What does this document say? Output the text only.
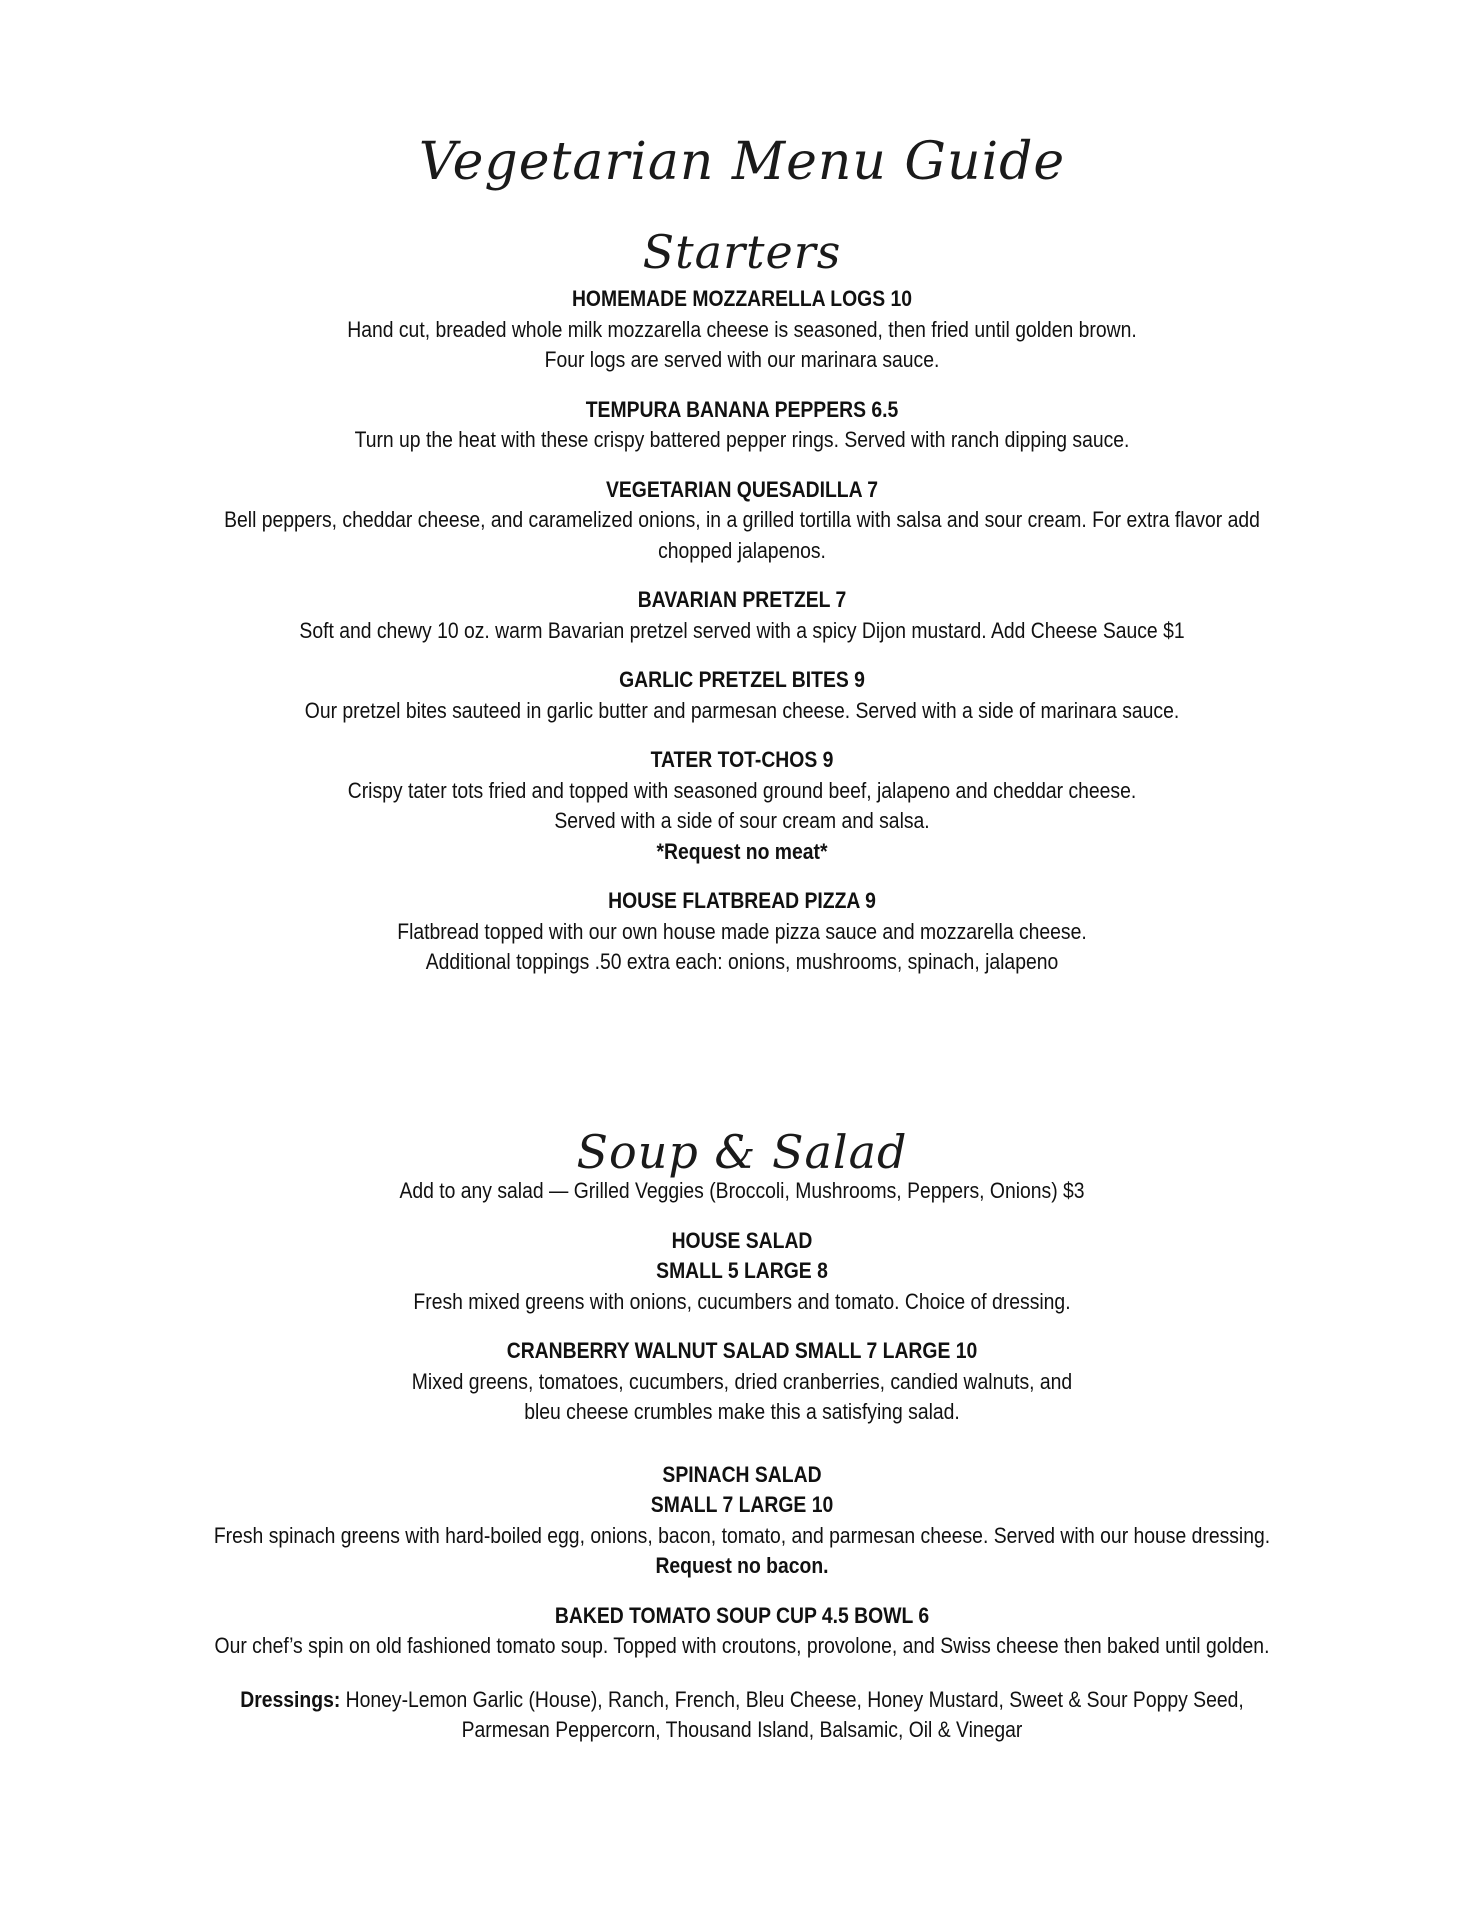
Vegetarian Menu Guide
Starters
HOMEMADE MOZZARELLA LOGS 10
Hand cut, breaded whole milk mozzarella cheese is seasoned, then fried until golden brown.
Four logs are served with our marinara sauce.
TEMPURA BANANA PEPPERS 6.5
Turn up the heat with these crispy battered pepper rings. Served with ranch dipping sauce.
VEGETARIAN QUESADILLA 7
Bell peppers, cheddar cheese, and caramelized onions, in a grilled tortilla with salsa and sour cream. For extra flavor add
chopped jalapenos.
BAVARIAN PRETZEL 7
Soft and chewy 10 oz. warm Bavarian pretzel served with a spicy Dijon mustard. Add Cheese Sauce $1
GARLIC PRETZEL BITES 9
Our pretzel bites sauteed in garlic butter and parmesan cheese. Served with a side of marinara sauce.
TATER TOT-CHOS 9
Crispy tater tots fried and topped with seasoned ground beef, jalapeno and cheddar cheese.
Served with a side of sour cream and salsa.
*Request no meat*
HOUSE FLATBREAD PIZZA 9
Flatbread topped with our own house made pizza sauce and mozzarella cheese.
Additional toppings .50 extra each: onions, mushrooms, spinach, jalapeno
Soup & Salad
Add to any salad — Grilled Veggies (Broccoli, Mushrooms, Peppers, Onions) $3
HOUSE SALAD
SMALL 5 LARGE 8
Fresh mixed greens with onions, cucumbers and tomato. Choice of dressing.
CRANBERRY WALNUT SALAD SMALL 7 LARGE 10
Mixed greens, tomatoes, cucumbers, dried cranberries, candied walnuts, and
bleu cheese crumbles make this a satisfying salad.
SPINACH SALAD
SMALL 7 LARGE 10
Fresh spinach greens with hard-boiled egg, onions, bacon, tomato, and parmesan cheese. Served with our house dressing.
Request no bacon.
BAKED TOMATO SOUP CUP 4.5 BOWL 6
Our chef’s spin on old fashioned tomato soup. Topped with croutons, provolone, and Swiss cheese then baked until golden.
Dressings: Honey-Lemon Garlic (House), Ranch, French, Bleu Cheese, Honey Mustard, Sweet & Sour Poppy Seed,
Parmesan Peppercorn, Thousand Island, Balsamic, Oil & Vinegar
